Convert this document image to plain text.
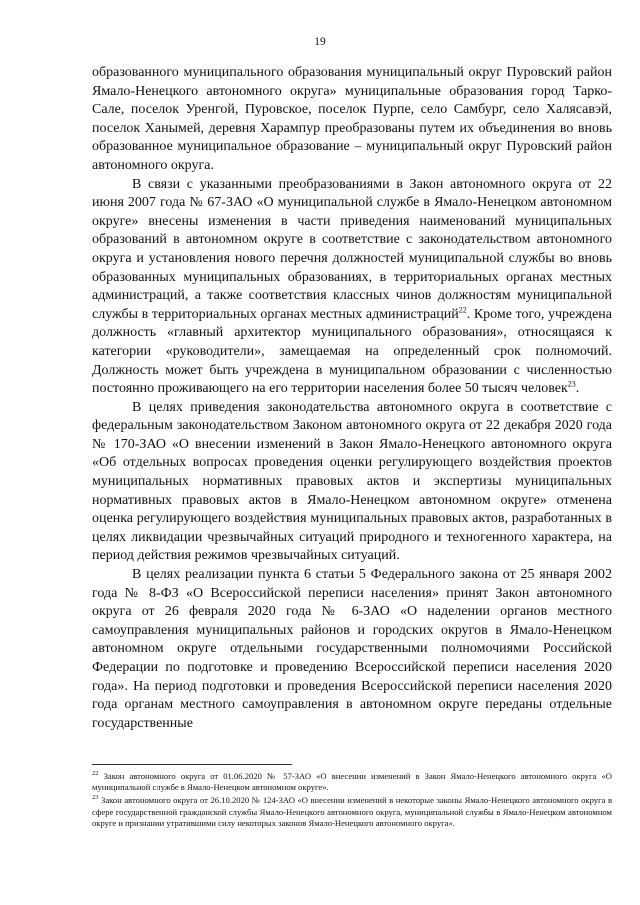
19

образованного муниципального образования муниципальный округ Пуровский район Ямало-Ненецкого автономного округа» муниципальные образования город Тарко-Сале, поселок Уренгой, Пуровское, поселок Пурпе, село Самбург, село Халясавэй, поселок Ханымей, деревня Харампур преобразованы путем их объединения во вновь образованное муниципальное образование – муниципальный округ Пуровский район автономного округа.

В связи с указанными преобразованиями в Закон автономного округа от 22 июня 2007 года № 67-ЗАО «О муниципальной службе в Ямало-Ненецком автономном округе» внесены изменения в части приведения наименований муниципальных образований в автономном округе в соответствие с законодательством автономного округа и установления нового перечня должностей муниципальной службы во вновь образованных муниципальных образованиях, в территориальных органах местных администраций, а также соответствия классных чинов должностям муниципальной службы в территориальных органах местных администраций$^{22}$. Кроме того, учреждена должность «главный архитектор муниципального образования», относящаяся к категории «руководители», замещаемая на определенный срок полномочий. Должность может быть учреждена в муниципальном образовании с численностью постоянно проживающего на его территории населения более 50 тысяч человек$^{23}$.

В целях приведения законодательства автономного округа в соответствие с федеральным законодательством Законом автономного округа от 22 декабря 2020 года № 170-ЗАО «О внесении изменений в Закон Ямало-Ненецкого автономного округа «Об отдельных вопросах проведения оценки регулирующего воздействия проектов муниципальных нормативных правовых актов и экспертизы муниципальных нормативных правовых актов в Ямало-Ненецком автономном округе» отменена оценка регулирующего воздействия муниципальных правовых актов, разработанных в целях ликвидации чрезвычайных ситуаций природного и техногенного характера, на период действия режимов чрезвычайных ситуаций.

В целях реализации пункта 6 статьи 5 Федерального закона от 25 января 2002 года № 8-ФЗ «О Всероссийской переписи населения» принят Закон автономного округа от 26 февраля 2020 года № 6-ЗАО «О наделении органов местного самоуправления муниципальных районов и городских округов в Ямало-Ненецком автономном округе отдельными государственными полномочиями Российской Федерации по подготовке и проведению Всероссийской переписи населения 2020 года». На период подготовки и проведения Всероссийской переписи населения 2020 года органам местного самоуправления в автономном округе переданы отдельные государственные

$^{22}$ Закон автономного округа от 01.06.2020 № 57-ЗАО «О внесении изменений в Закон Ямало-Ненецкого автономного округа «О муниципальной службе в Ямало-Ненецком автономном округе».

$^{23}$ Закон автономного округа от 26.10.2020 № 124-ЗАО «О внесении изменений в некоторые законы Ямало-Ненецкого автономного округа в сфере государственной гражданской службы Ямало-Ненецкого автономного округа, муниципальной службы в Ямало-Ненецком автономном округе и признании утратившими силу некоторых законов Ямало-Ненецкого автономного округа».
